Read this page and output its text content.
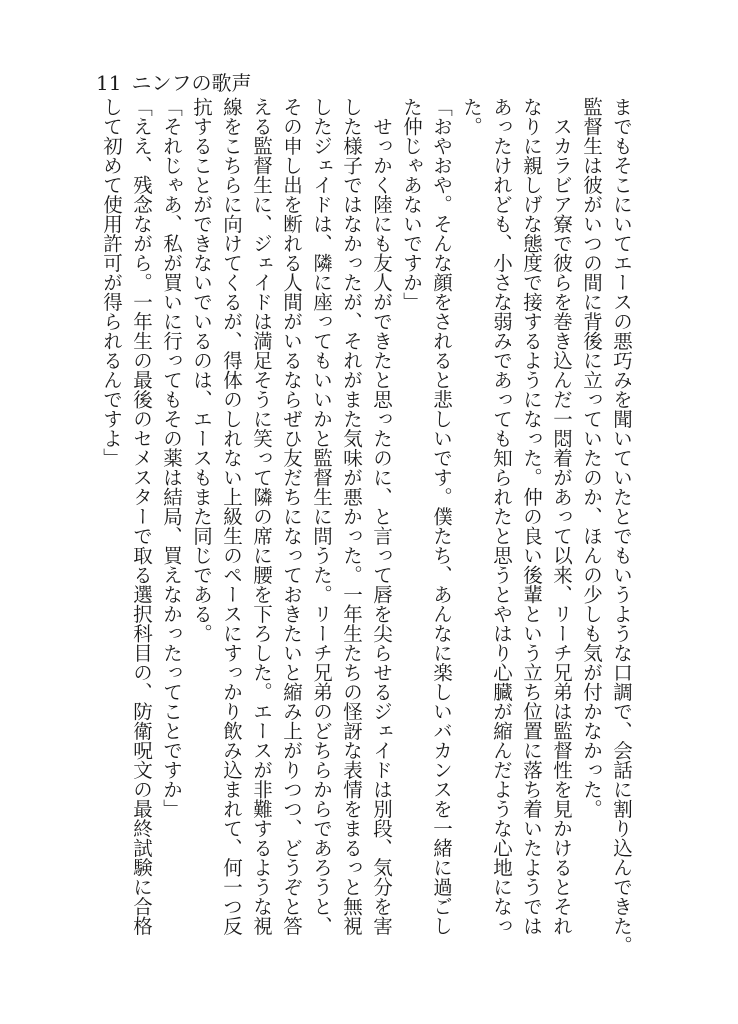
11 ニンフの歌声

までもそこにいてエースの悪巧みを聞いていたとでもいうような口調で、会話に割り込んできた。

監督生は彼がいつの間に背後に立っていたのか、ほんの少しも気が付かなかった。

　スカラビア寮で彼らを巻き込んだ一悶着があって以来、リーチ兄弟は監督性を見かけるとそれ
なりに親しげな態度で接するようになった。仲の良い後輩という立ち位置に落ち着いたようでは
あったけれども、小さな弱みであっても知られたと思うとやはり心臓が縮んだような心地になっ
た。

「おやおや。そんな顔をされると悲しいです。僕たち、あんなに楽しいバカンスを一緒に過ごし
た仲じゃあないですか」

　せっかく陸にも友人ができたと思ったのに、と言って唇を尖らせるジェイドは別段、気分を害
した様子ではなかったが、それがまた気味が悪かった。一年生たちの怪訝な表情をまるっと無視
したジェイドは、隣に座ってもいいかと監督生に問うた。リーチ兄弟のどちらからであろうと、
その申し出を断れる人間がいるならぜひ友だちになっておきたいと縮み上がりつつ、どうぞと答
える監督生に、ジェイドは満足そうに笑って隣の席に腰を下ろした。エースが非難するような視
線をこちらに向けてくるが、得体のしれない上級生のペースにすっかり飲み込まれて、何一つ反
抗することができないでいるのは、エースもまた同じである。

「それじゃあ、私が買いに行ってもその薬は結局、買えなかったってことですか」

「ええ、残念ながら。一年生の最後のセメスターで取る選択科目の、防衛呪文の最終試験に合格
して初めて使用許可が得られるんですよ」
